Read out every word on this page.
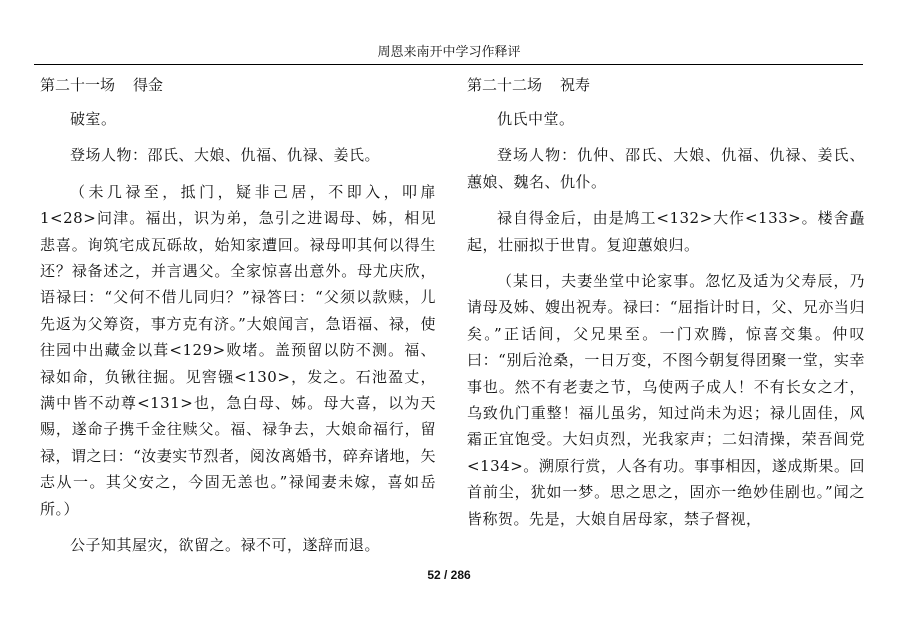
周恩来南开中学习作释评
第二十一场 得金

破室。

登场人物：邵氏、大娘、仇福、仇禄、姜氏。

（未几禄至，抵门，疑非己居，不即入，叩扉 1<28>问津。福出，识为弟，急引之进谒母、姊，相见悲喜。询筑宅成瓦砾故，始知家遭回。禄母叩其何以得生还？禄备述之，并言遇父。全家惊喜出意外。母尤庆欣，语禄曰：“父何不借儿同归？”禄答曰：“父须以款赎，儿先返为父筹资，事方克有济。”大娘闻言，急语福、禄，使往园中出藏金以葺<129>败堵。盖预留以防不测。福、禄如命，负锹往掘。见窖镪<130>，发之。石池盈丈，满中皆不动尊<131>也，急白母、姊。母大喜，以为天赐，遂命子携千金往赎父。福、禄争去，大娘命福行，留禄，谓之曰：“汝妻实节烈者，阅汝离婚书，碎弃诸地，矢志从一。其父安之，今固无恙也。”禄闻妻未嫁，喜如岳所。）

公子知其屋灾，欲留之。禄不可，遂辞而退。

第二十二场 祝寿

仇氏中堂。

登场人物：仇仲、邵氏、大娘、仇福、仇禄、姜氏、蕙娘、魏名、仇仆。

禄自得金后，由是鸠工<132>大作<133>。楼舍矗起，壮丽拟于世胄。复迎蕙娘归。

（某日，夫妻坐堂中论家事。忽忆及适为父寿辰，乃请母及姊、嫂出祝寿。禄曰：“屈指计时日，父、兄亦当归矣。”正话间，父兄果至。一门欢腾，惊喜交集。仲叹曰：“别后沧桑，一日万变，不图今朝复得团聚一堂，实幸事也。然不有老妻之节，乌使两子成人！不有长女之才，乌致仇门重整！福儿虽劣，知过尚未为迟；禄儿固佳，风霜正宜饱受。大妇贞烈，光我家声；二妇清操，荣吾闾党<134>。溯原行赏，人各有功。事事相因，遂成斯果。回首前尘，犹如一梦。思之思之，固亦一绝妙佳剧也。”闻之皆称贺。先是，大娘自居母家，禁子督视，

52 / 286
